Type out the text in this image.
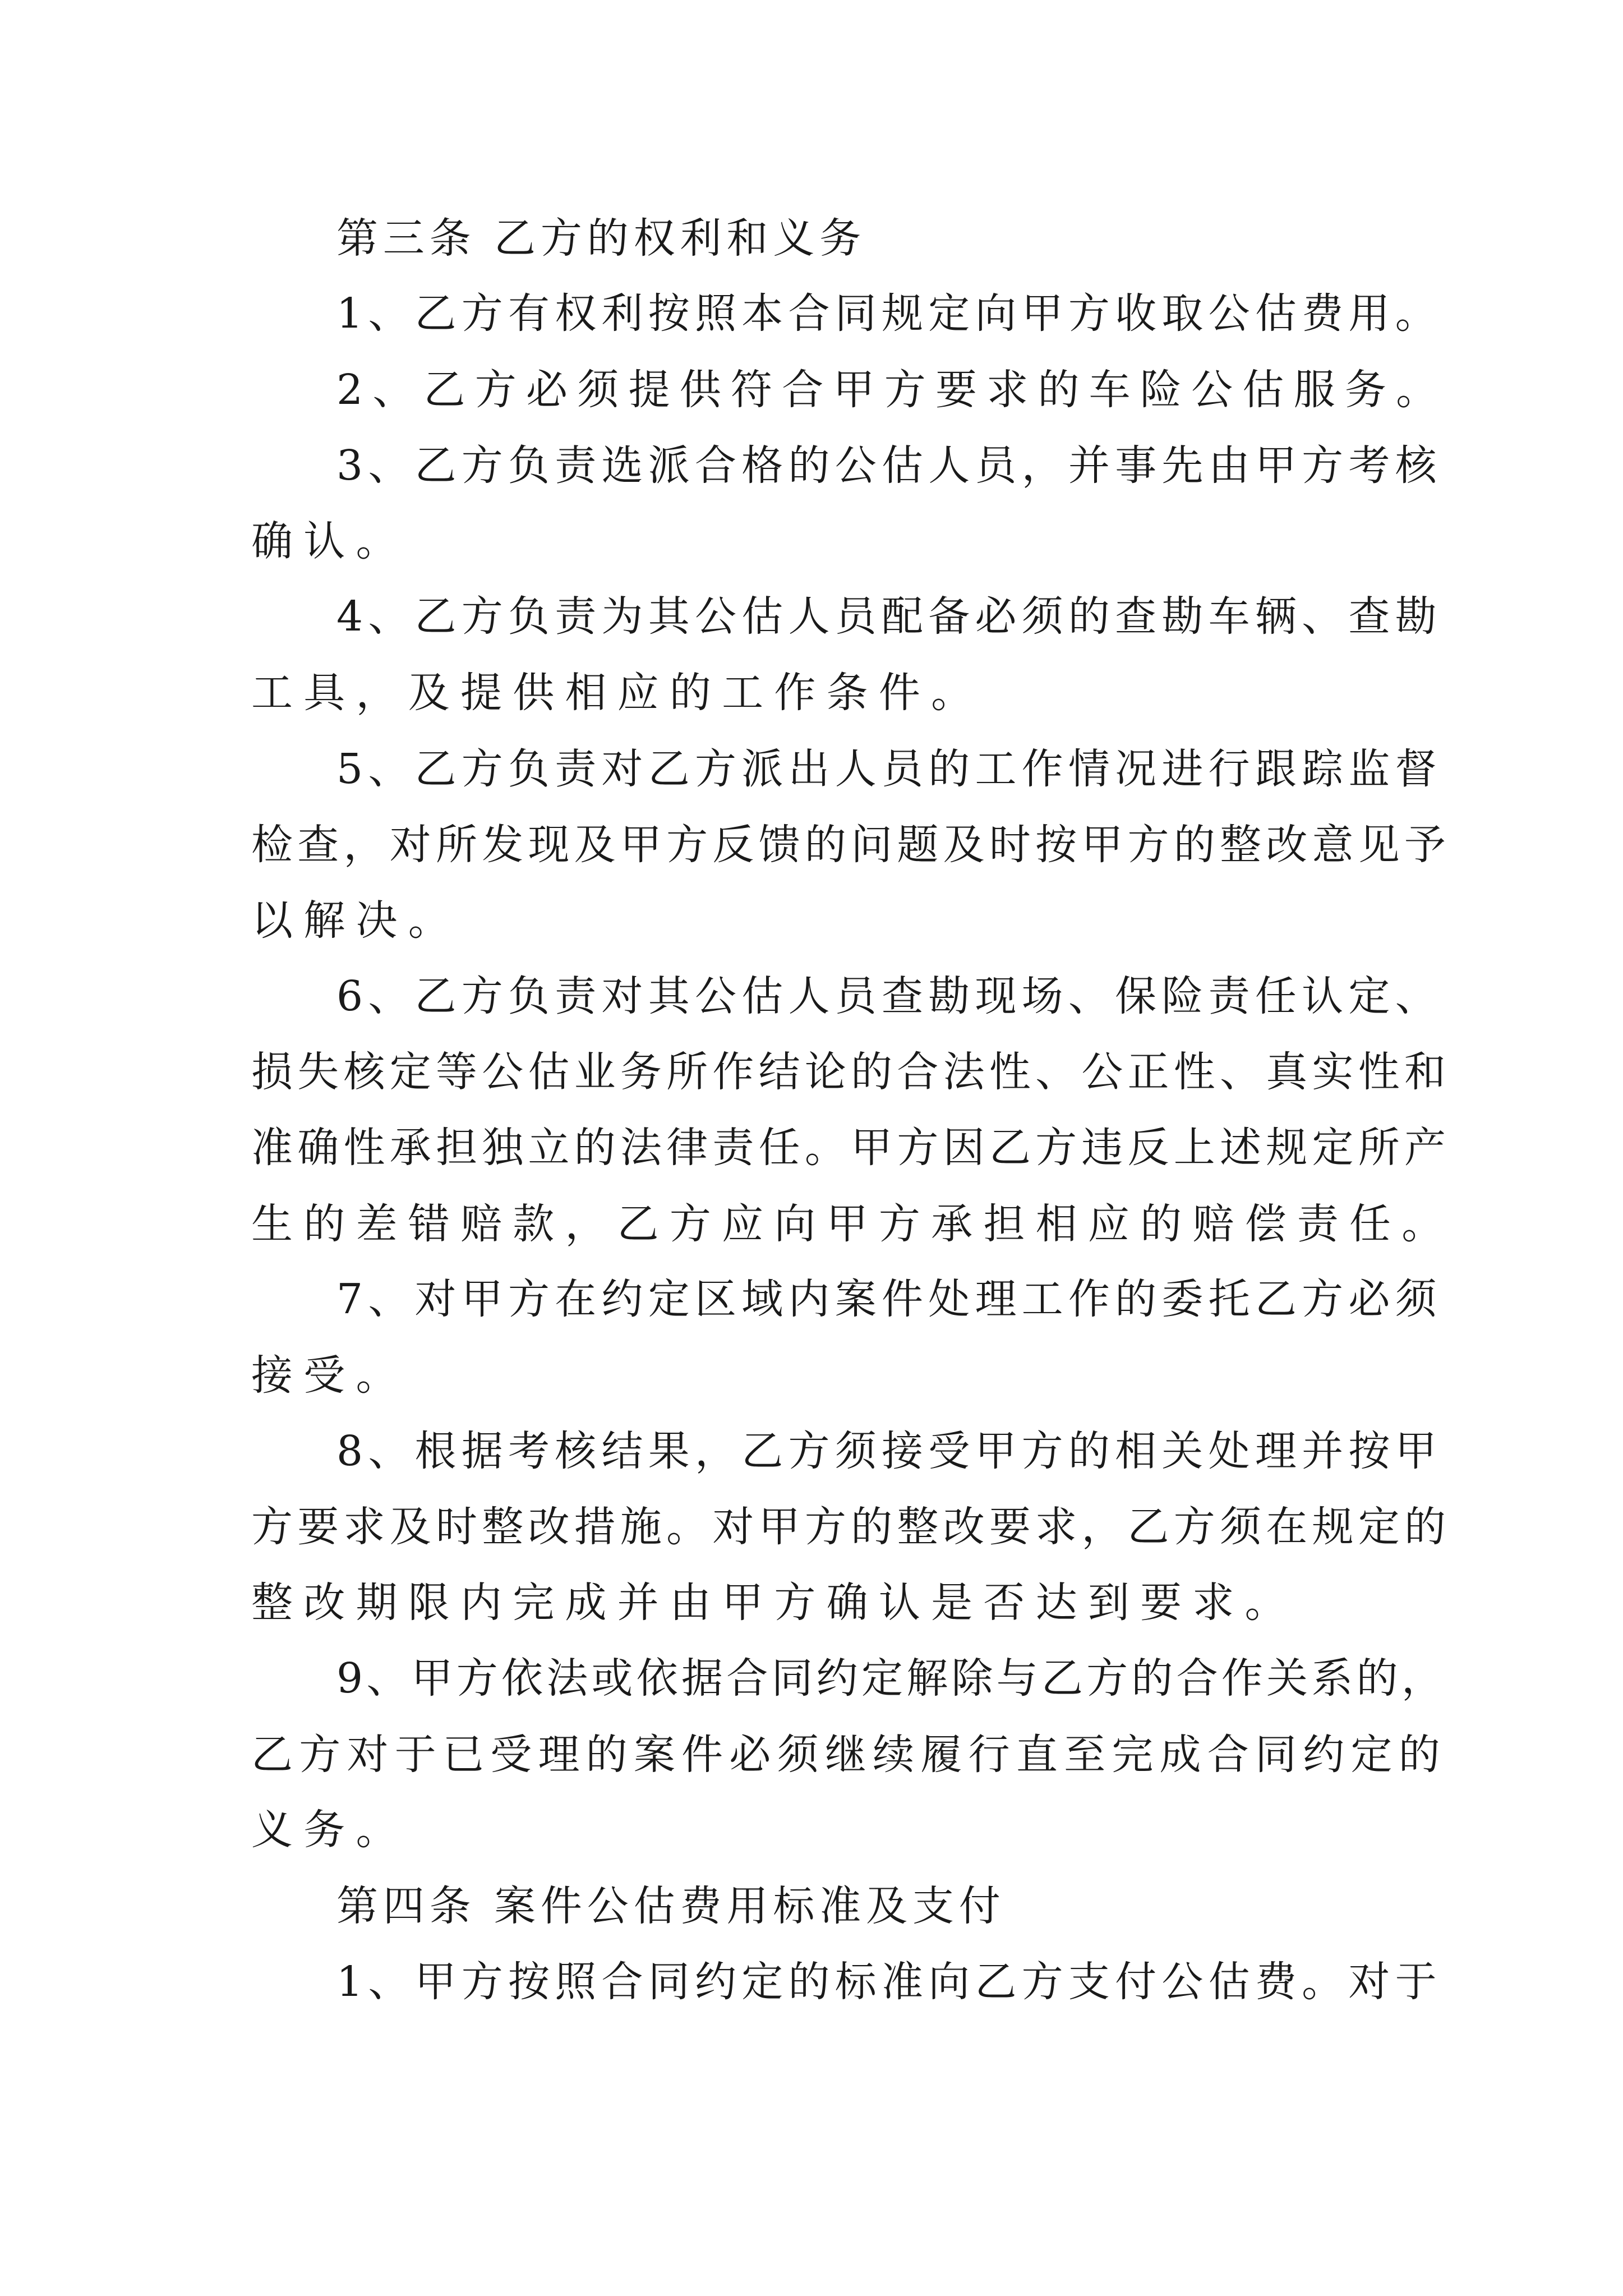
第三条 乙方的权利和义务

1、乙方有权利按照本合同规定向甲方收取公估费用。

2、乙方必须提供符合甲方要求的车险公估服务。

3、乙方负责选派合格的公估人员，并事先由甲方考核

确认。

4、乙方负责为其公估人员配备必须的查勘车辆、查勘

工具，及提供相应的工作条件。

5、乙方负责对乙方派出人员的工作情况进行跟踪监督

检查，对所发现及甲方反馈的问题及时按甲方的整改意见予

以解决。

6、乙方负责对其公估人员查勘现场、保险责任认定、

损失核定等公估业务所作结论的合法性、公正性、真实性和

准确性承担独立的法律责任。甲方因乙方违反上述规定所产

生的差错赔款，乙方应向甲方承担相应的赔偿责任。

7、对甲方在约定区域内案件处理工作的委托乙方必须

接受。

8、根据考核结果，乙方须接受甲方的相关处理并按甲

方要求及时整改措施。对甲方的整改要求，乙方须在规定的

整改期限内完成并由甲方确认是否达到要求。

9、甲方依法或依据合同约定解除与乙方的合作关系的，

乙方对于已受理的案件必须继续履行直至完成合同约定的

义务。

第四条 案件公估费用标准及支付

1、甲方按照合同约定的标准向乙方支付公估费。对于
